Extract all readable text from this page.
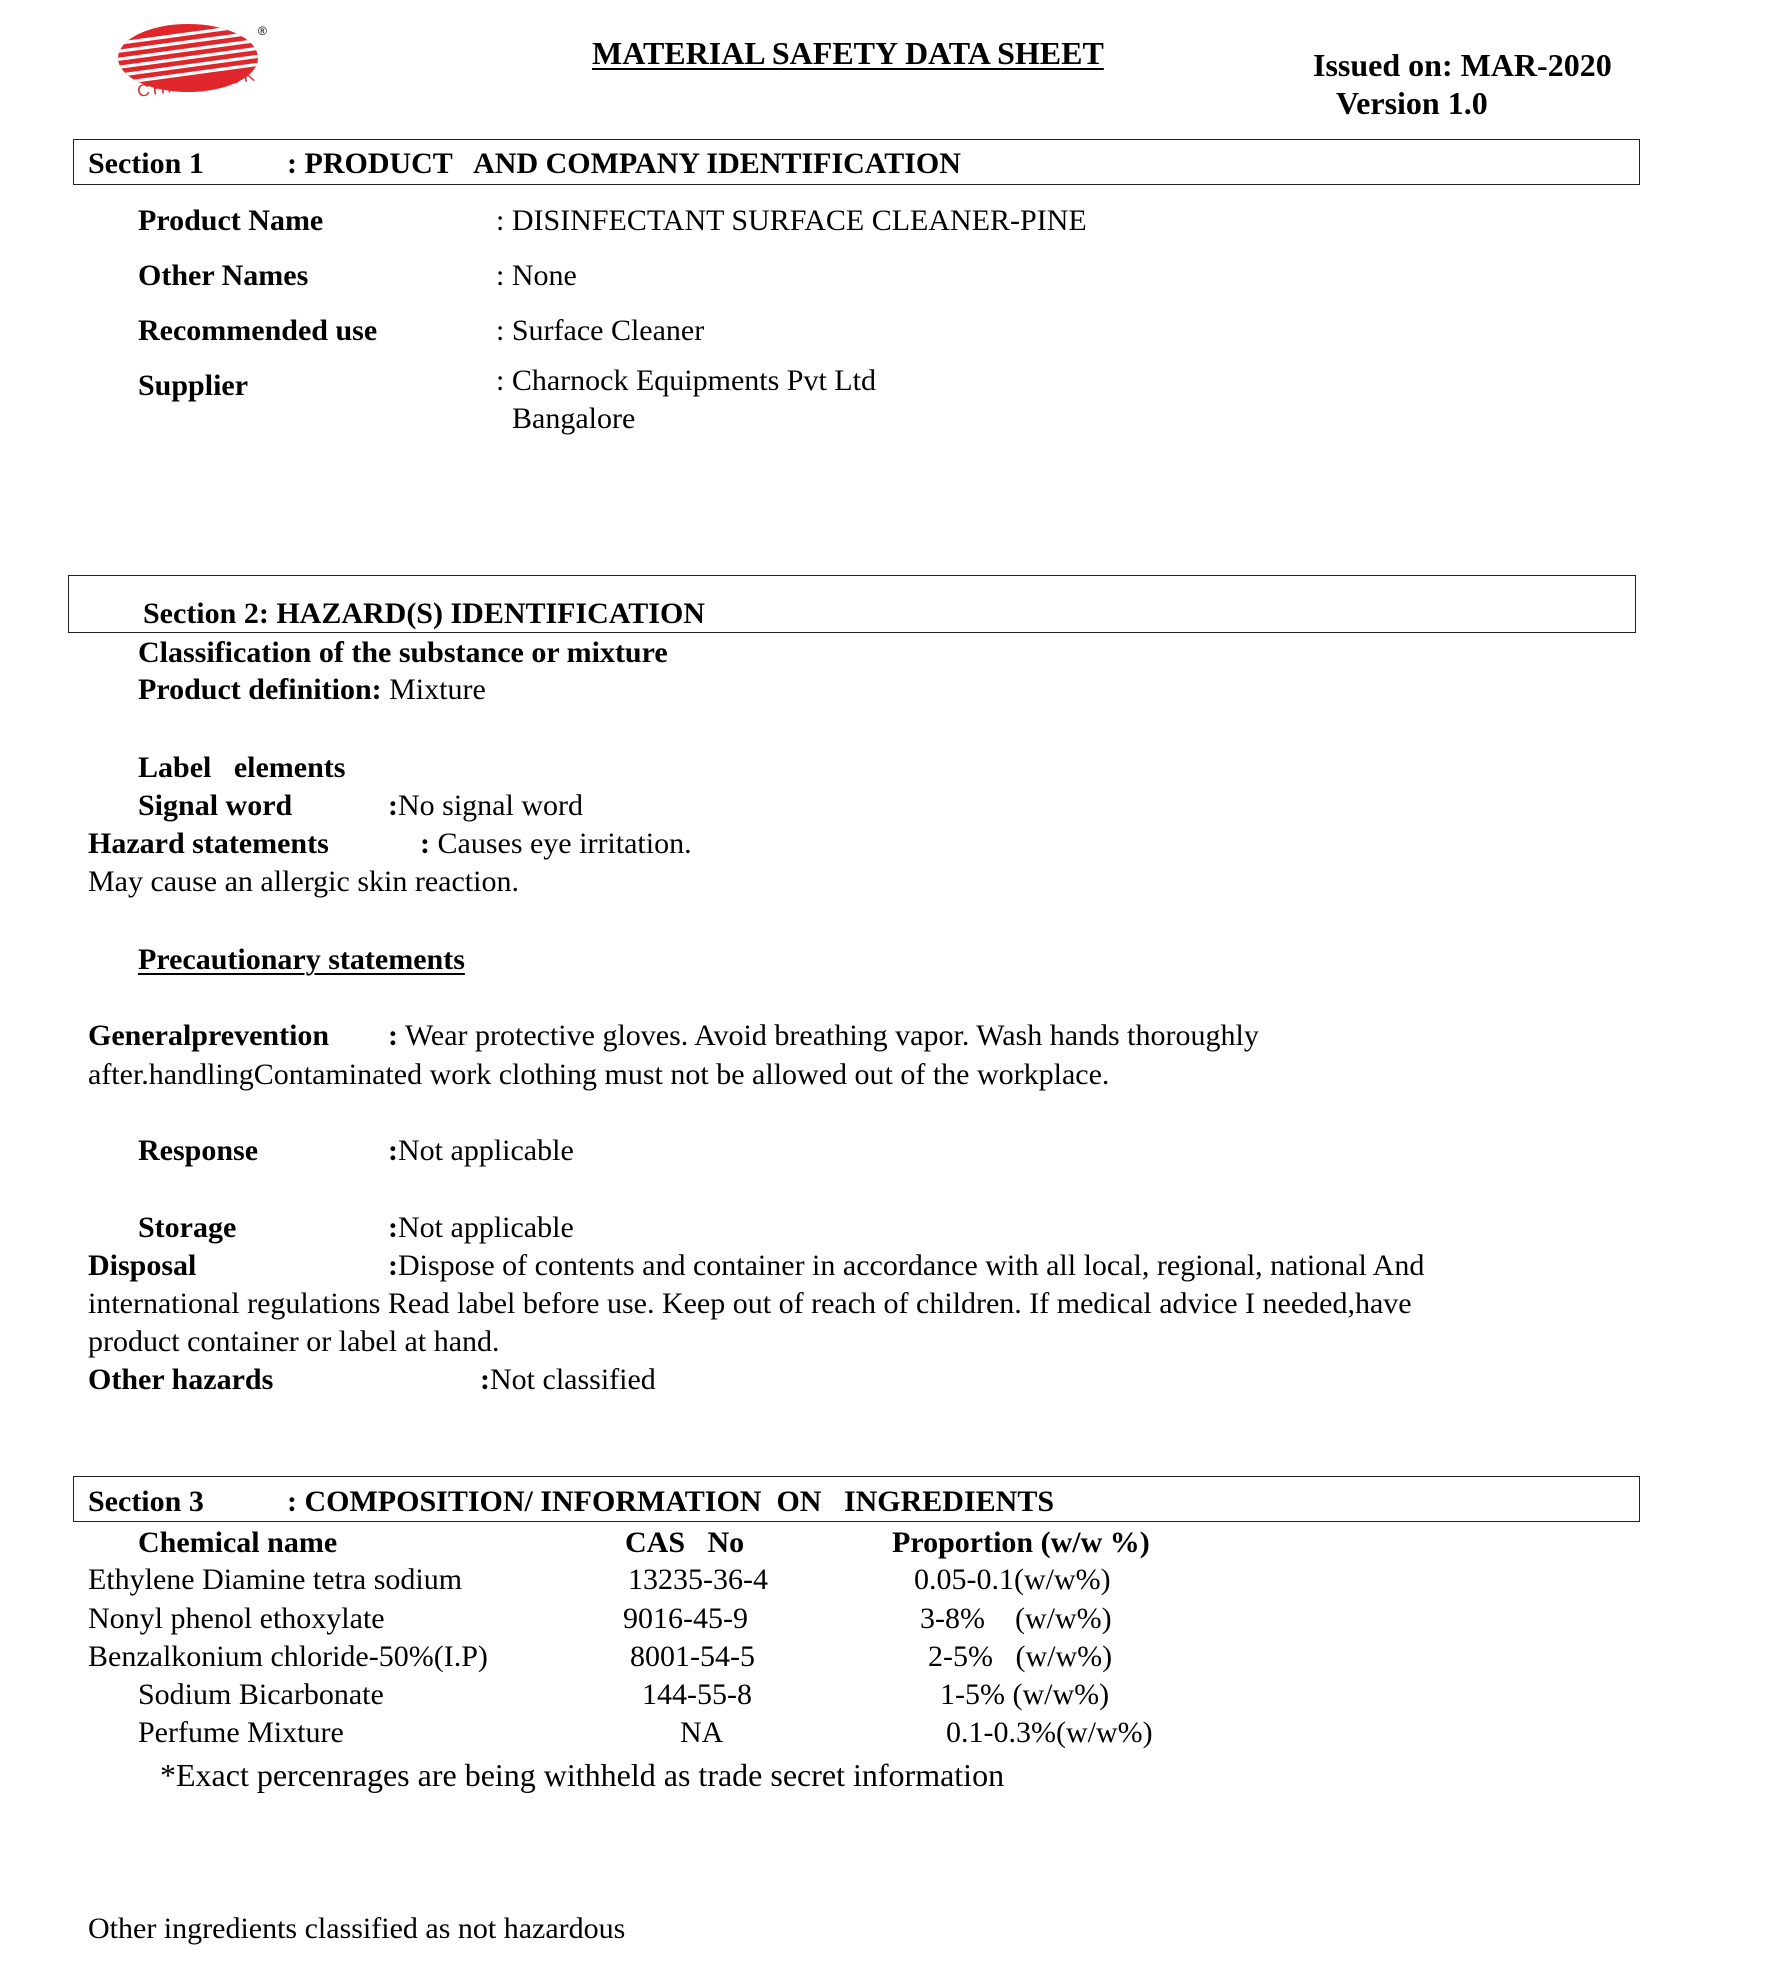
®
CHARNOCK
MATERIAL SAFETY DATA SHEET	Issued on: MAR-2020
Version 1.0
Section 1	: PRODUCT   AND COMPANY IDENTIFICATION
Product Name	: DISINFECTANT SURFACE CLEANER-PINE
Other Names	: None
Recommended use	: Surface Cleaner
Supplier	: Charnock Equipments Pvt Ltd
Bangalore
Section 2: HAZARD(S) IDENTIFICATION
Classification of the substance or mixture
Product definition: Mixture
Label   elements
Signal word	:No signal word
Hazard statements	: Causes eye irritation.
May cause an allergic skin reaction.
Precautionary statements
Generalprevention : Wear protective gloves. Avoid breathing vapor. Wash hands thoroughly
after.handlingContaminated work clothing must not be allowed out of the workplace.
Response	:Not applicable
Storage	:Not applicable
Disposal	:Dispose of contents and container in accordance with all local, regional, national And
international regulations Read label before use. Keep out of reach of children. If medical advice I needed,have
product container or label at hand.
Other hazards	:Not classified
Section 3	: COMPOSITION/ INFORMATION  ON   INGREDIENTS
Chemical name	CAS   No	Proportion (w/w %)
Ethylene Diamine tetra sodium	13235-36-4	0.05-0.1(w/w%)
Nonyl phenol ethoxylate	9016-45-9	3-8%    (w/w%)
Benzalkonium chloride-50%(I.P)	8001-54-5	2-5%   (w/w%)
Sodium Bicarbonate	144-55-8	1-5% (w/w%)
Perfume Mixture	NA	0.1-0.3%(w/w%)
*Exact percenrages are being withheld as trade secret information
Other ingredients classified as not hazardous
